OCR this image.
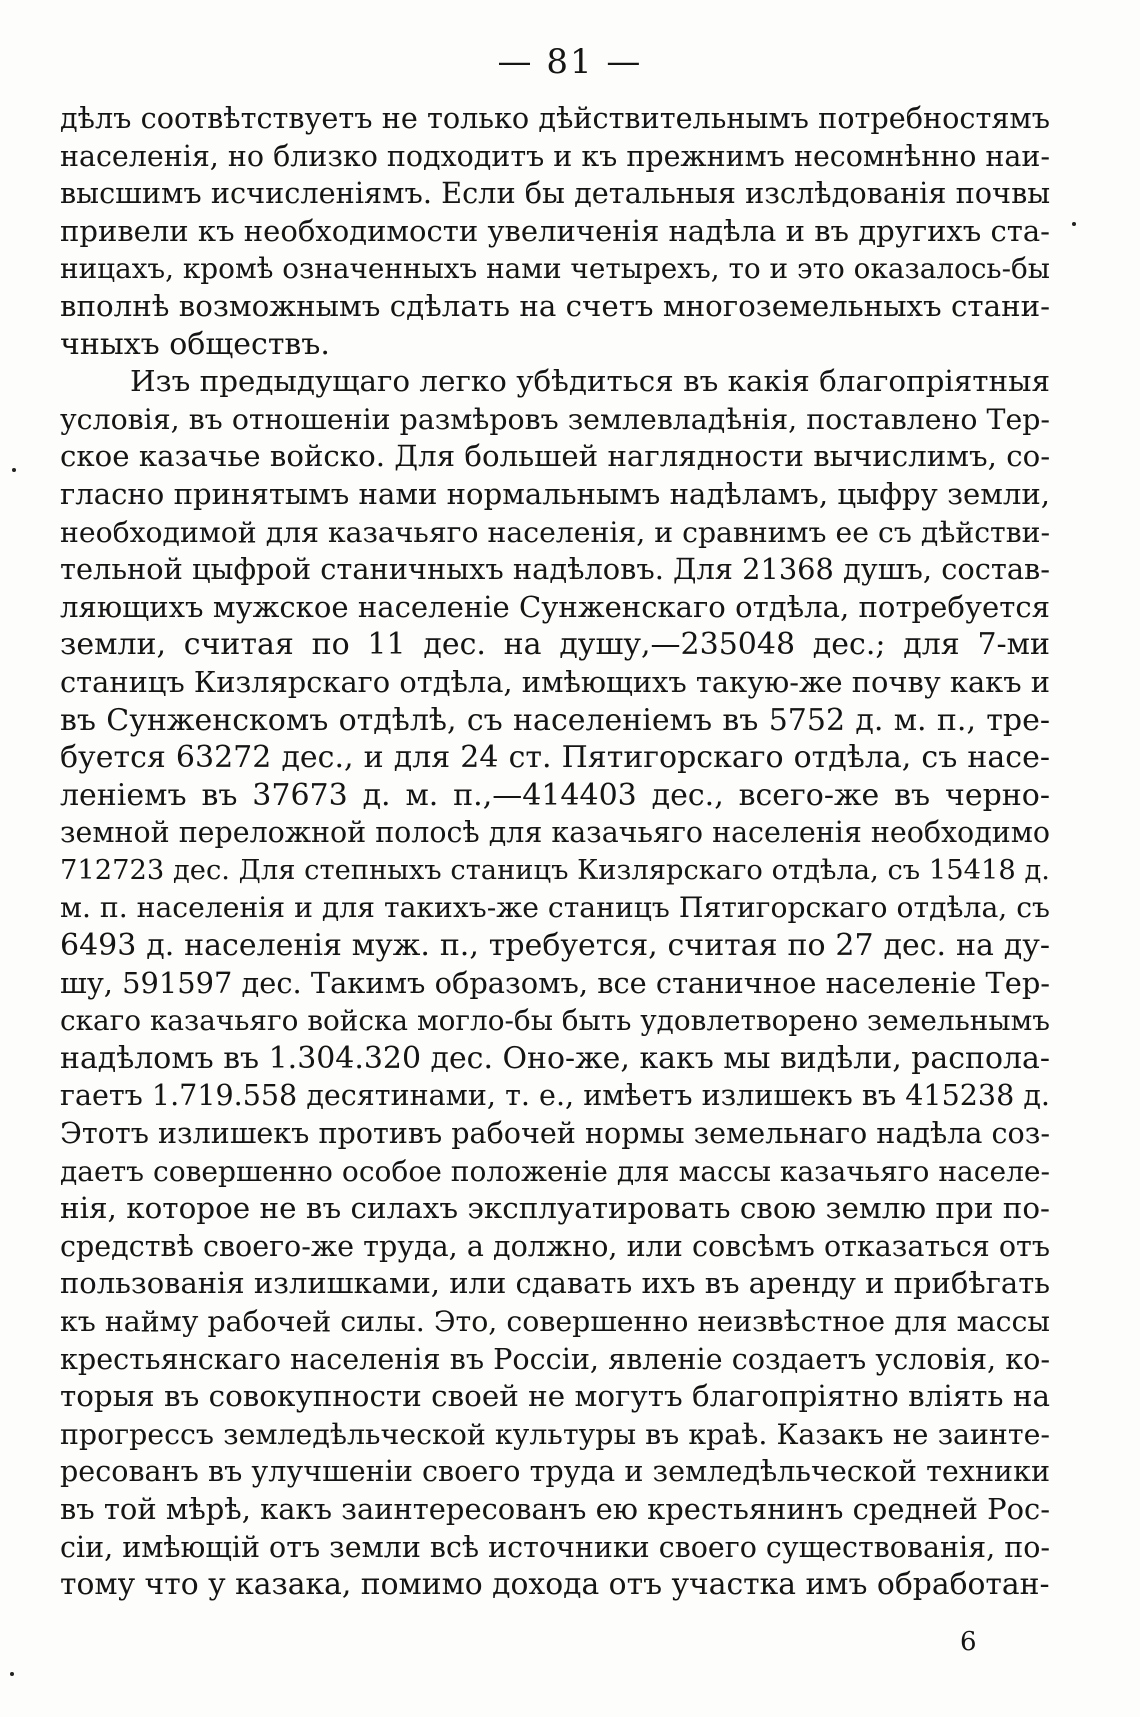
— 81 —
дѣлъ соотвѣтствуетъ не только дѣйствительнымъ потребностямъ
населенія, но близко подходитъ и къ прежнимъ несомнѣнно наи-
высшимъ исчисленіямъ. Если бы детальныя изслѣдованія почвы
привели къ необходимости увеличенія надѣла и въ другихъ ста-
ницахъ, кромѣ означенныхъ нами четырехъ, то и это оказалось-бы
вполнѣ возможнымъ сдѣлать на счетъ многоземельныхъ стани-
чныхъ обществъ.
Изъ предыдущаго легко убѣдиться въ какія благопріятныя
условія, въ отношеніи размѣровъ землевладѣнія, поставлено Тер-
ское казачье войско. Для большей наглядности вычислимъ, со-
гласно принятымъ нами нормальнымъ надѣламъ, цыфру земли,
необходимой для казачьяго населенія, и сравнимъ ее съ дѣйстви-
тельной цыфрой станичныхъ надѣловъ. Для 21368 душъ, состав-
ляющихъ мужское населеніе Сунженскаго отдѣла, потребуется
земли, считая по 11 дес. на душу,—235048 дес.; для 7-ми
станицъ Кизлярскаго отдѣла, имѣющихъ такую-же почву какъ и
въ Сунженскомъ отдѣлѣ, съ населеніемъ въ 5752 д. м. п., тре-
буется 63272 дес., и для 24 ст. Пятигорскаго отдѣла, съ насе-
леніемъ въ 37673 д. м. п.,—414403 дес., всего-же въ черно-
земной переложной полосѣ для казачьяго населенія необходимо
712723 дес. Для степныхъ станицъ Кизлярскаго отдѣла, съ 15418 д.
м. п. населенія и для такихъ-же станицъ Пятигорскаго отдѣла, съ
6493 д. населенія муж. п., требуется, считая по 27 дес. на ду-
шу, 591597 дес. Такимъ образомъ, все станичное населеніе Тер-
скаго казачьяго войска могло-бы быть удовлетворено земельнымъ
надѣломъ въ 1.304.320 дес. Оно-же, какъ мы видѣли, распола-
гаетъ 1.719.558 десятинами, т. е., имѣетъ излишекъ въ 415238 д.
Этотъ излишекъ противъ рабочей нормы земельнаго надѣла соз-
даетъ совершенно особое положеніе для массы казачьяго населе-
нія, которое не въ силахъ эксплуатировать свою землю при по-
средствѣ своего-же труда, а должно, или совсѣмъ отказаться отъ
пользованія излишками, или сдавать ихъ въ аренду и прибѣгать
къ найму рабочей силы. Это, совершенно неизвѣстное для массы
крестьянскаго населенія въ Россіи, явленіе создаетъ условія, ко-
торыя въ совокупности своей не могутъ благопріятно вліять на
прогрессъ земледѣльческой культуры въ краѣ. Казакъ не заинте-
ресованъ въ улучшеніи своего труда и земледѣльческой техники
въ той мѣрѣ, какъ заинтересованъ ею крестьянинъ средней Рос-
сіи, имѣющій отъ земли всѣ источники своего существованія, по-
тому что у казака, помимо дохода отъ участка имъ обработан-
6
